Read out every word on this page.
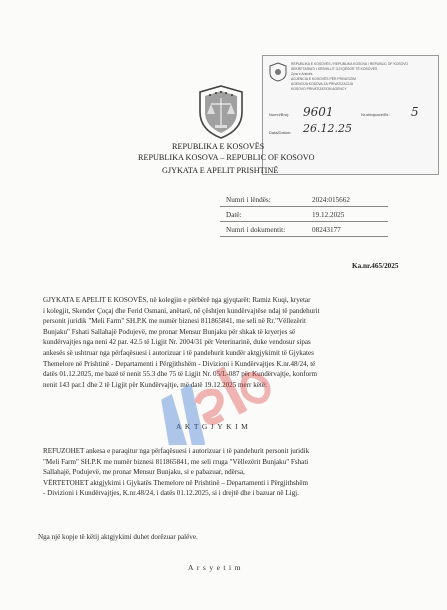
REPUBLIKA E KOSOVËS / REPUBLIKA KOSOVA / REPUBLIC OF KOSOVO
SEKRETARIATI I KËSHILLIT GJYQËSOR TË KOSOVËS
Zyra e Arkivës
AGJENCIA E KOSOVËS PËR PRIVATIZIM
AGENCIJA KOSOVA ZA PRIVATIZACIJU
KOSOVO PRIVATIZATION AGENCY
Numri/Broj: 9601	Nr.shtojcave/Br.: 5
Data/Datum: 26.12.25
REPUBLIKA E KOSOVËS
REPUBLIKA KOSOVA – REPUBLIC OF KOSOVO
GJYKATA E APELIT PRISHTINË
Numri i lëndës:	2024:015662
Datë:	19.12.2025
Numri i dokumentit:	08243177
Ka.nr.465/2025
GJYKATA E APELIT E KOSOVËS, në kolegjin e përbërë nga gjyqtarët: Ramiz Kuqi, kryetar
i kolegjit, Skender Çoçaj dhe Ferid Osmani, anëtarë, në çështjen kundërvajtëse ndaj të pandehurit
personit juridik "Meli Farm" SH.P.K me numër biznesi 811865841, me seli në Rr."Vëllezërit
Bunjaku" Fshati Sallahajë Podujevë, me pronar Mensur Bunjaku për shkak të kryerjes së
kundërvajtjes nga neni 42 par. 42.5 të Ligjit Nr. 2004/31 për Veterinarinë, duke vendosur sipas
ankesës së ushtruar nga përfaqësuesi i autorizuar i të pandehurit kundër aktgjykimit të Gjykates
Themelore në Prishtinë - Departamenti i Përgjithshëm - Divizioni i Kundërvajtjes K.nr.48/24, të
datës 01.12.2025, me bazë të nenit 55.3 dhe 75 të Ligjit Nr. 05/L-087 për Kundërvajtje, konform
nenit 143 par.1 dhe 2 të Ligjit për Kundërvajtje, më datë 19.12.2025 merr këtë:
AKTGJYKIM
REFUZOHET ankesa e paraqitur nga përfaqësuesi i autorizuar i të pandehurit personit juridik
"Meli Farm" SH.P.K me numër biznesi 811865841, me seli rruga "Vëllezërit Bunjaku" Fshati
Sallahajë, Podujevë, me pronar Mensur Bunjaku, si e pabazuar, ndërsa,
VËRTETOHET aktgjykimi i Gjykatës Themelore në Prishtinë – Departamenti i Përgjithshëm
- Divizioni i Kundërvajtjes, K.nr.48/24, i datës 01.12.2025, si i drejtë dhe i bazuar në Ligj.
Nga një kopje të këtij aktgjykimi duhet dorëzuar palëve.
Arsyetim
